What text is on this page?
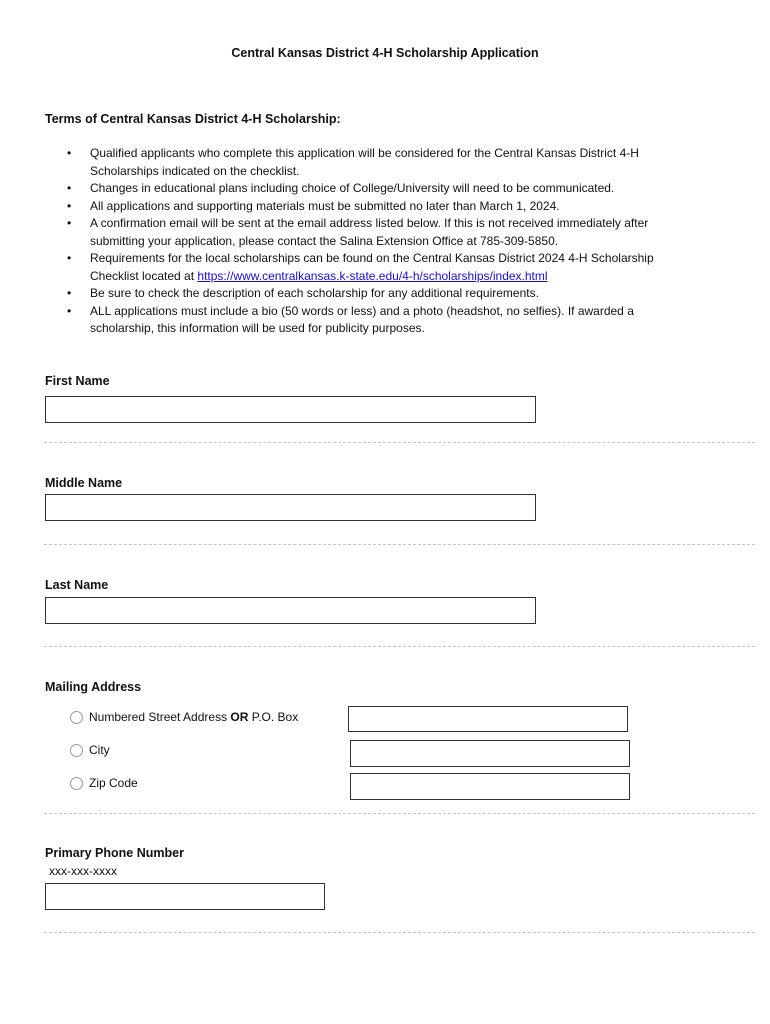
Central Kansas District 4-H Scholarship Application
Terms of Central Kansas District 4-H Scholarship:
• Qualified applicants who complete this application will be considered for the Central Kansas District 4-H Scholarships indicated on the checklist.
• Changes in educational plans including choice of College/University will need to be communicated.
• All applications and supporting materials must be submitted no later than March 1, 2024.
• A confirmation email will be sent at the email address listed below. If this is not received immediately after submitting your application, please contact the Salina Extension Office at 785-309-5850.
• Requirements for the local scholarships can be found on the Central Kansas District 2024 4-H Scholarship Checklist located at https://www.centralkansas.k-state.edu/4-h/scholarships/index.html
• Be sure to check the description of each scholarship for any additional requirements.
• ALL applications must include a bio (50 words or less) and a photo (headshot, no selfies). If awarded a scholarship, this information will be used for publicity purposes.
First Name
Middle Name
Last Name
Mailing Address
Numbered Street Address OR P.O. Box
City
Zip Code
Primary Phone Number
xxx-xxx-xxxx
